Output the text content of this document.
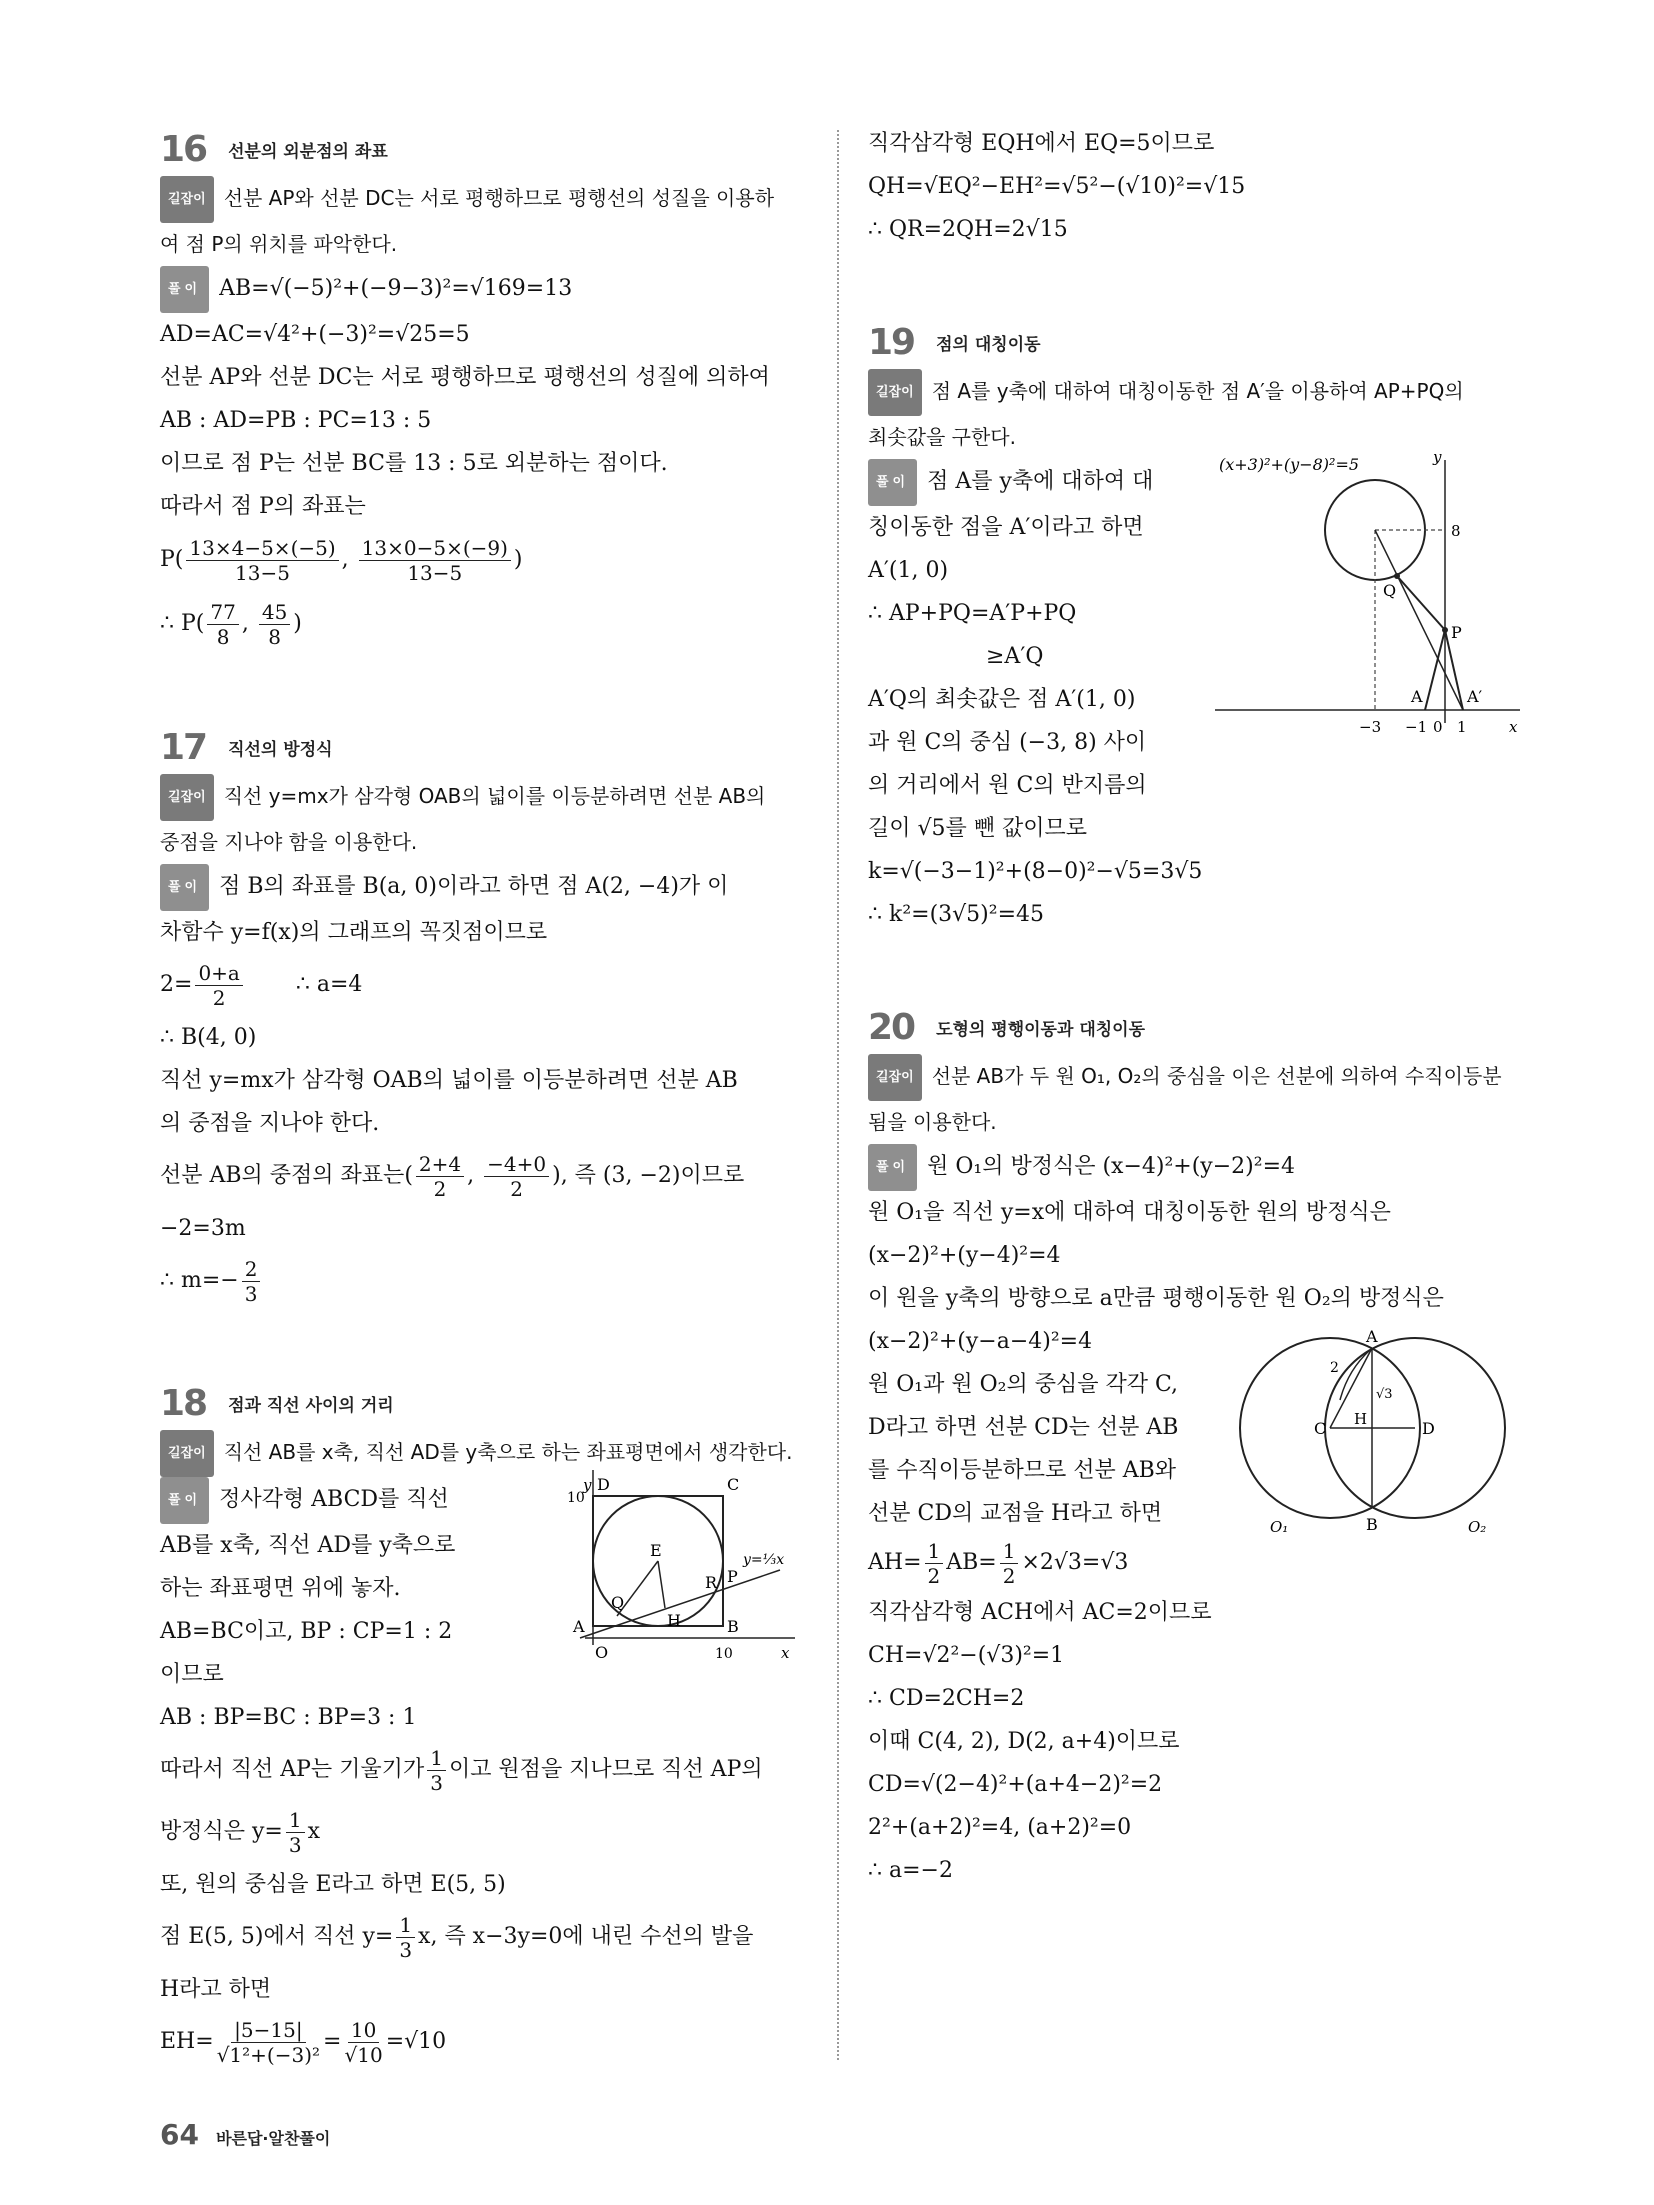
16 선분의 외분점의 좌표
길잡이 선분 AP와 선분 DC는 서로 평행하므로 평행선의 성질을 이용하
여 점 P의 위치를 파악한다.
풀이 AB=√(−5)²+(−9−3)²=√169=13
AD=AC=√4²+(−3)²=√25=5
선분 AP와 선분 DC는 서로 평행하므로 평행선의 성질에 의하여
AB : AD=PB : PC=13 : 5
이므로 점 P는 선분 BC를 13 : 5로 외분하는 점이다.
따라서 점 P의 좌표는
$P( \frac{13\times 4-5\times(-5)}{13-5}$ , $\frac{13\times 0-5\times(-9)}{13-5}$ )
∴ $P( \frac{77}{8}$ , $\frac{45}{8}$ )
17 직선의 방정식
길잡이 직선 y=mx가 삼각형 OAB의 넓이를 이등분하려면 선분 AB의
중점을 지나야 함을 이용한다.
풀이 점 B의 좌표를 B(a, 0)이라고 하면 점 A(2, −4)가 이
차함수 y=f(x)의 그래프의 꼭짓점이므로
$2= \frac{0+a}{2}$ ∴ a=4
∴ B(4, 0)
직선 y=mx가 삼각형 OAB의 넓이를 이등분하려면 선분 AB
의 중점을 지나야 한다.
선분 AB의 중점의 좌표는( $\frac{2+4}{2}$ , $\frac{-4+0}{2}$ ), 즉 (3, −2)이므로
−2=3m
∴ $m=- \frac{2}{3}$
18 점과 직선 사이의 거리
길잡이 직선 AB를 x축, 직선 AD를 y축으로 하는 좌표평면에서 생각한다.
풀이 정사각형 ABCD를 직선
AB를 x축, 직선 AD를 y축으로
하는 좌표평면 위에 놓자.
AB=BC이고, BP : CP=1 : 2
이므로
AB : BP=BC : BP=3 : 1
따라서 직선 AP는 기울기가 $\frac{1}{3}$ 이고 원점을 지나므로 직선 AP의
방정식은 $y= \frac{1}{3}$ x
또, 원의 중심을 E라고 하면 E(5, 5)
점 E(5, 5)에서 직선 $y= \frac{1}{3} x$, 즉 x−3y=0에 내린 수선의 발을
H라고 하면
$EH= \frac{|5-15|}{\text{√1²+(−3)²}} = \frac{10}{√10} =√10$
y
10
D	C
A	B
O
E
H
Q
R P
10	x
y=⅓x
직각삼각형 EQH에서 EQ=5이므로
QH=√EQ²−EH²=√5²−(√10)²=√15
∴ QR=2QH=2√15
19 점의 대칭이동
길잡이 점 A를 y축에 대하여 대칭이동한 점 A′을 이용하여 AP+PQ의
최솟값을 구한다.
풀이 점 A를 y축에 대하여 대
칭이동한 점을 A′이라고 하면
A′(1, 0)
∴ AP+PQ=A′P+PQ
≥A′Q
A′Q의 최솟값은 점 A′(1, 0)
과 원 C의 중심 (−3, 8) 사이
의 거리에서 원 C의 반지름의
길이 √5를 뺀 값이므로
k=√(−3−1)²+(8−0)²−√5=3√5
∴ k²=(3√5)²=45
20 도형의 평행이동과 대칭이동
길잡이 선분 AB가 두 원 O₁, O₂의 중심을 이은 선분에 의하여 수직이등분
됨을 이용한다.
풀이 원 O₁의 방정식은 (x−4)²+(y−2)²=4
원 O₁을 직선 y=x에 대하여 대칭이동한 원의 방정식은
(x−2)²+(y−4)²=4
이 원을 y축의 방향으로 a만큼 평행이동한 원 O₂의 방정식은
(x−2)²+(y−a−4)²=4
원 O₁과 원 O₂의 중심을 각각 C,
D라고 하면 선분 CD는 선분 AB
를 수직이등분하므로 선분 AB와
선분 CD의 교점을 H라고 하면
$AH= \frac{1}{2} AB= \frac{1}{2} \times 2√3=√3$
직각삼각형 ACH에서 AC=2이므로
CH=√2²−(√3)²=1
∴ CD=2CH=2
이때 C(4, 2), D(2, a+4)이므로
CD=√(2−4)²+(a+4−2)²=2
2²+(a+2)²=4, (a+2)²=0
∴ a=−2
(x+3)²+(y−8)²=5	y
8
Q
P
A	A′
−3 −1 0 1	x
A
B
C	D
H
2
√3
O₁	O₂
64 바른답·알찬풀이
